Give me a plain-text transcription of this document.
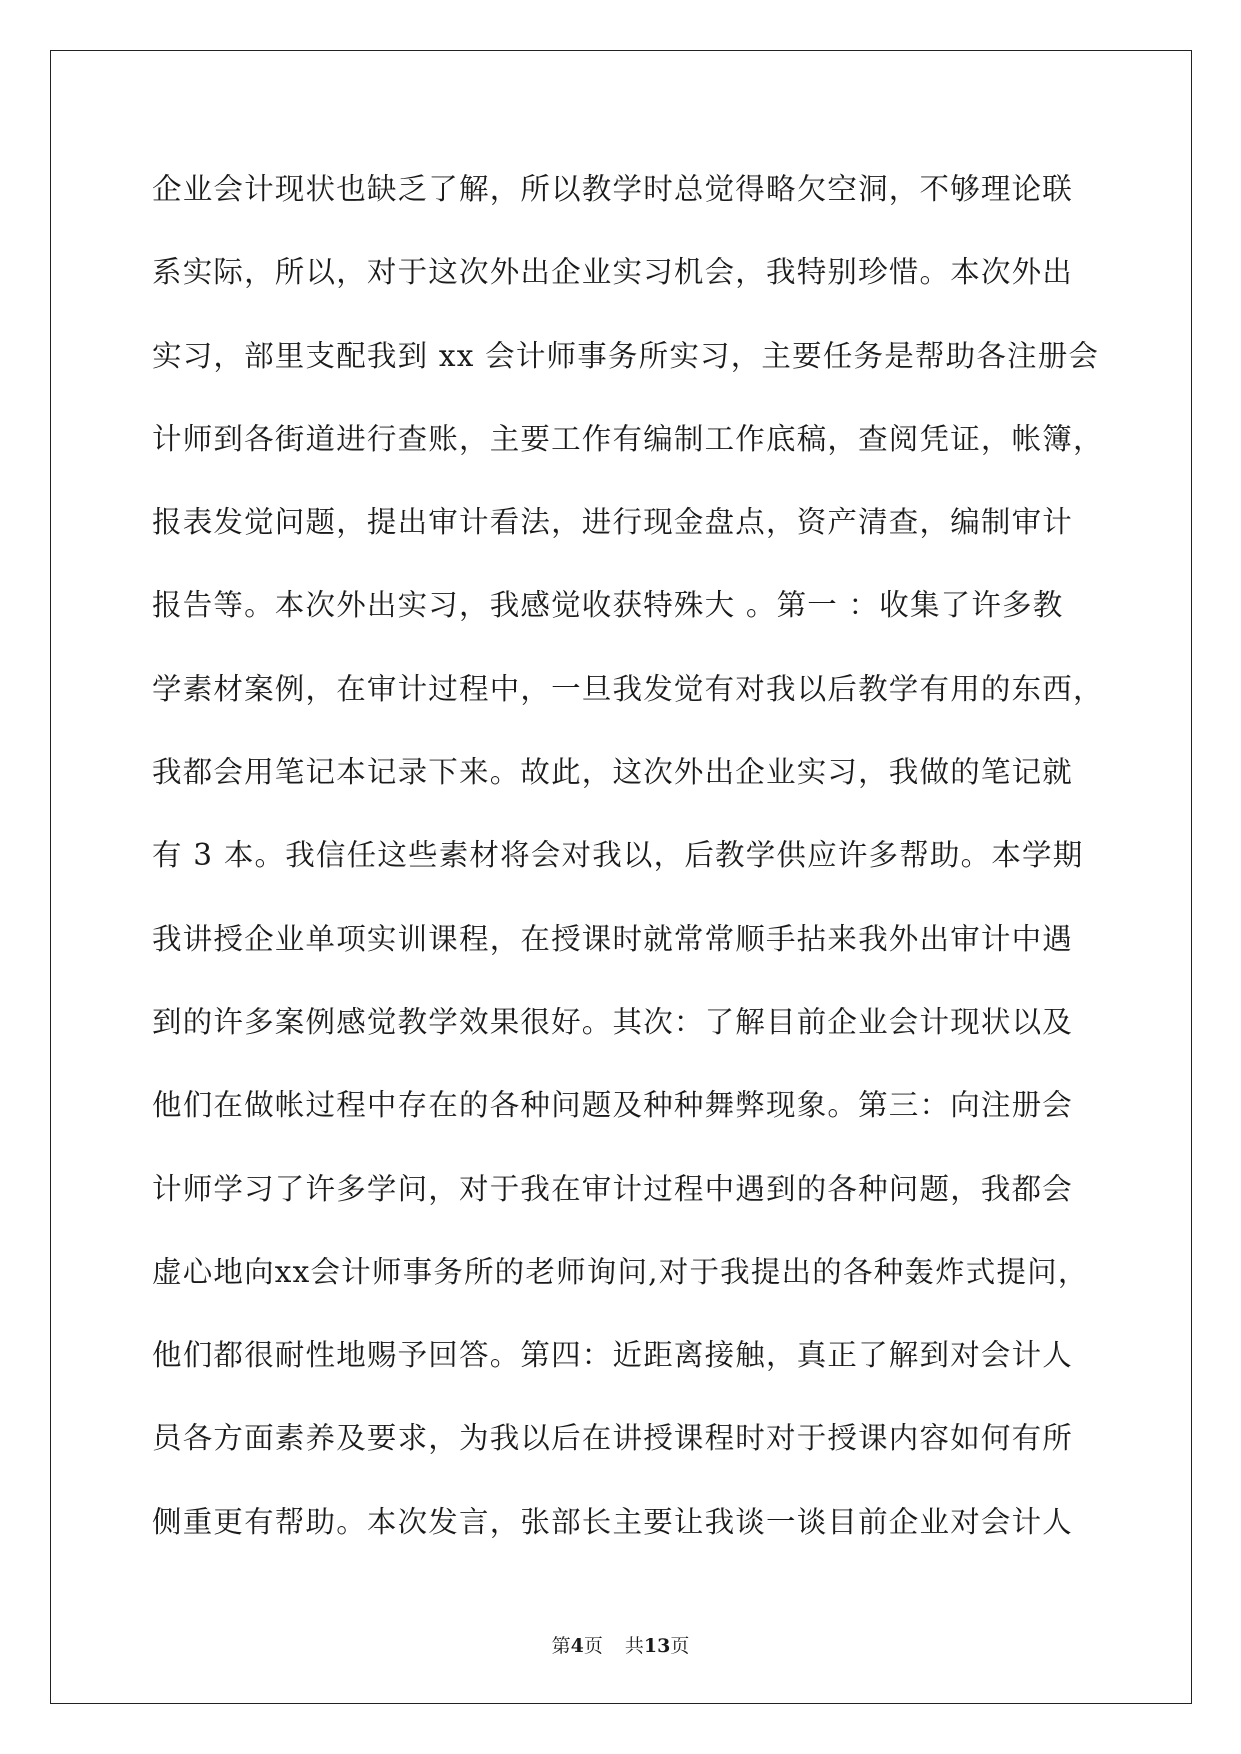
企业会计现状也缺乏了解，所以教学时总觉得略欠空洞，不够理论联
系实际，所以，对于这次外出企业实习机会，我特别珍惜。本次外出
实习，部里支配我到 xx 会计师事务所实习，主要任务是帮助各注册会
计师到各街道进行查账，主要工作有编制工作底稿，查阅凭证，帐簿，
报表发觉问题，提出审计看法，进行现金盘点，资产清查，编制审计
报告等。本次外出实习，我感觉收获特殊大 。第一 ：收集了许多教
学素材案例，在审计过程中，一旦我发觉有对我以后教学有用的东西，
我都会用笔记本记录下来。故此，这次外出企业实习，我做的笔记就
有 3 本。我信任这些素材将会对我以，后教学供应许多帮助。本学期
我讲授企业单项实训课程，在授课时就常常顺手拈来我外出审计中遇
到的许多案例感觉教学效果很好。其次：了解目前企业会计现状以及
他们在做帐过程中存在的各种问题及种种舞弊现象。第三：向注册会
计师学习了许多学问，对于我在审计过程中遇到的各种问题，我都会
虚心地向xx会计师事务所的老师询问,对于我提出的各种轰炸式提问，
他们都很耐性地赐予回答。第四：近距离接触，真正了解到对会计人
员各方面素养及要求，为我以后在讲授课程时对于授课内容如何有所
侧重更有帮助。本次发言，张部长主要让我谈一谈目前企业对会计人
第4页 共13页
